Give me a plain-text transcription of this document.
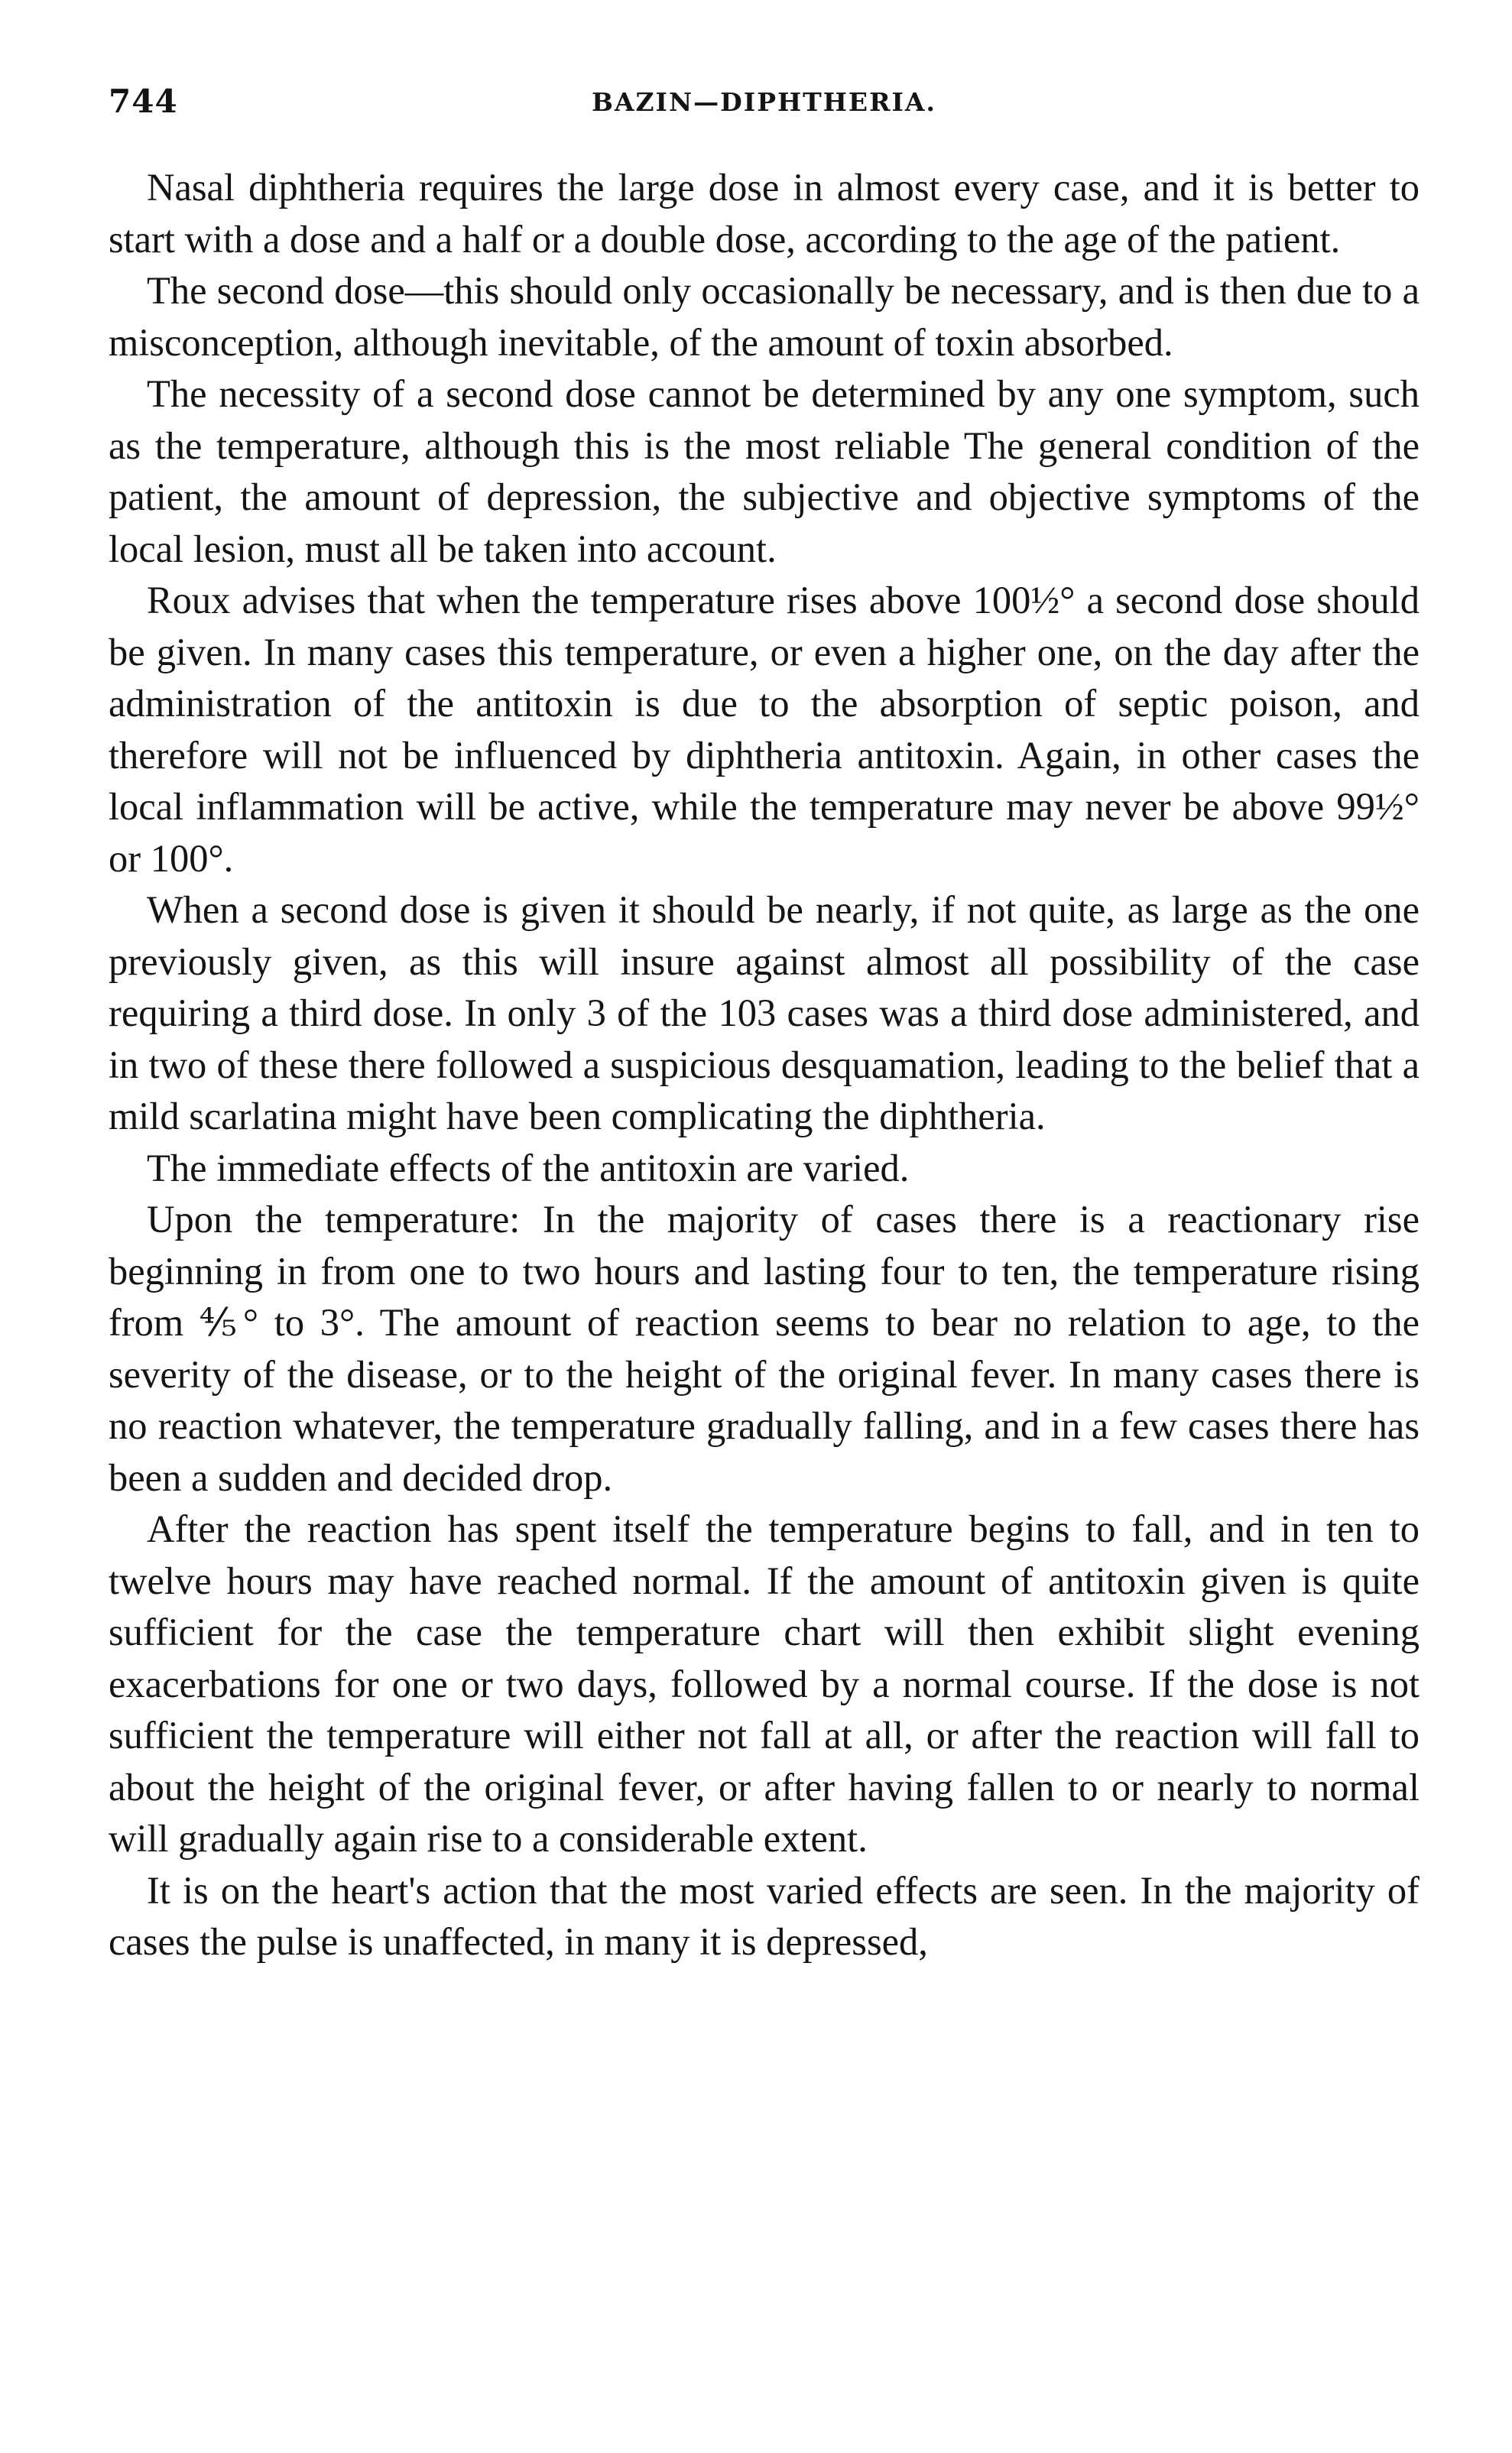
744	BAZIN—DIPHTHERIA.

Nasal diphtheria requires the large dose in almost every case, and it is better to start with a dose and a half or a double dose, according to the age of the patient.

The second dose—this should only occasionally be necessary, and is then due to a misconception, although inevitable, of the amount of toxin absorbed.

The necessity of a second dose cannot be determined by any one symptom, such as the temperature, although this is the most reliable The general condition of the patient, the amount of depression, the subjective and objective symptoms of the local lesion, must all be taken into account.

Roux advises that when the temperature rises above 100½° a second dose should be given. In many cases this temperature, or even a higher one, on the day after the administration of the antitoxin is due to the absorption of septic poison, and therefore will not be influenced by diphtheria antitoxin. Again, in other cases the local inflammation will be active, while the temperature may never be above 99½° or 100°.

When a second dose is given it should be nearly, if not quite, as large as the one previously given, as this will insure against almost all possibility of the case requiring a third dose. In only 3 of the 103 cases was a third dose administered, and in two of these there followed a suspicious desquamation, leading to the belief that a mild scarlatina might have been complicating the diphtheria.

The immediate effects of the antitoxin are varied.

Upon the temperature: In the majority of cases there is a reactionary rise beginning in from one to two hours and lasting four to ten, the temperature rising from ⅘° to 3°. The amount of reaction seems to bear no relation to age, to the severity of the disease, or to the height of the original fever. In many cases there is no reaction whatever, the temperature gradually falling, and in a few cases there has been a sudden and decided drop.

After the reaction has spent itself the temperature begins to fall, and in ten to twelve hours may have reached normal. If the amount of antitoxin given is quite sufficient for the case the temperature chart will then exhibit slight evening exacerbations for one or two days, followed by a normal course. If the dose is not sufficient the temperature will either not fall at all, or after the reaction will fall to about the height of the original fever, or after having fallen to or nearly to normal will gradually again rise to a considerable extent.

It is on the heart's action that the most varied effects are seen. In the majority of cases the pulse is unaffected, in many it is depressed,
